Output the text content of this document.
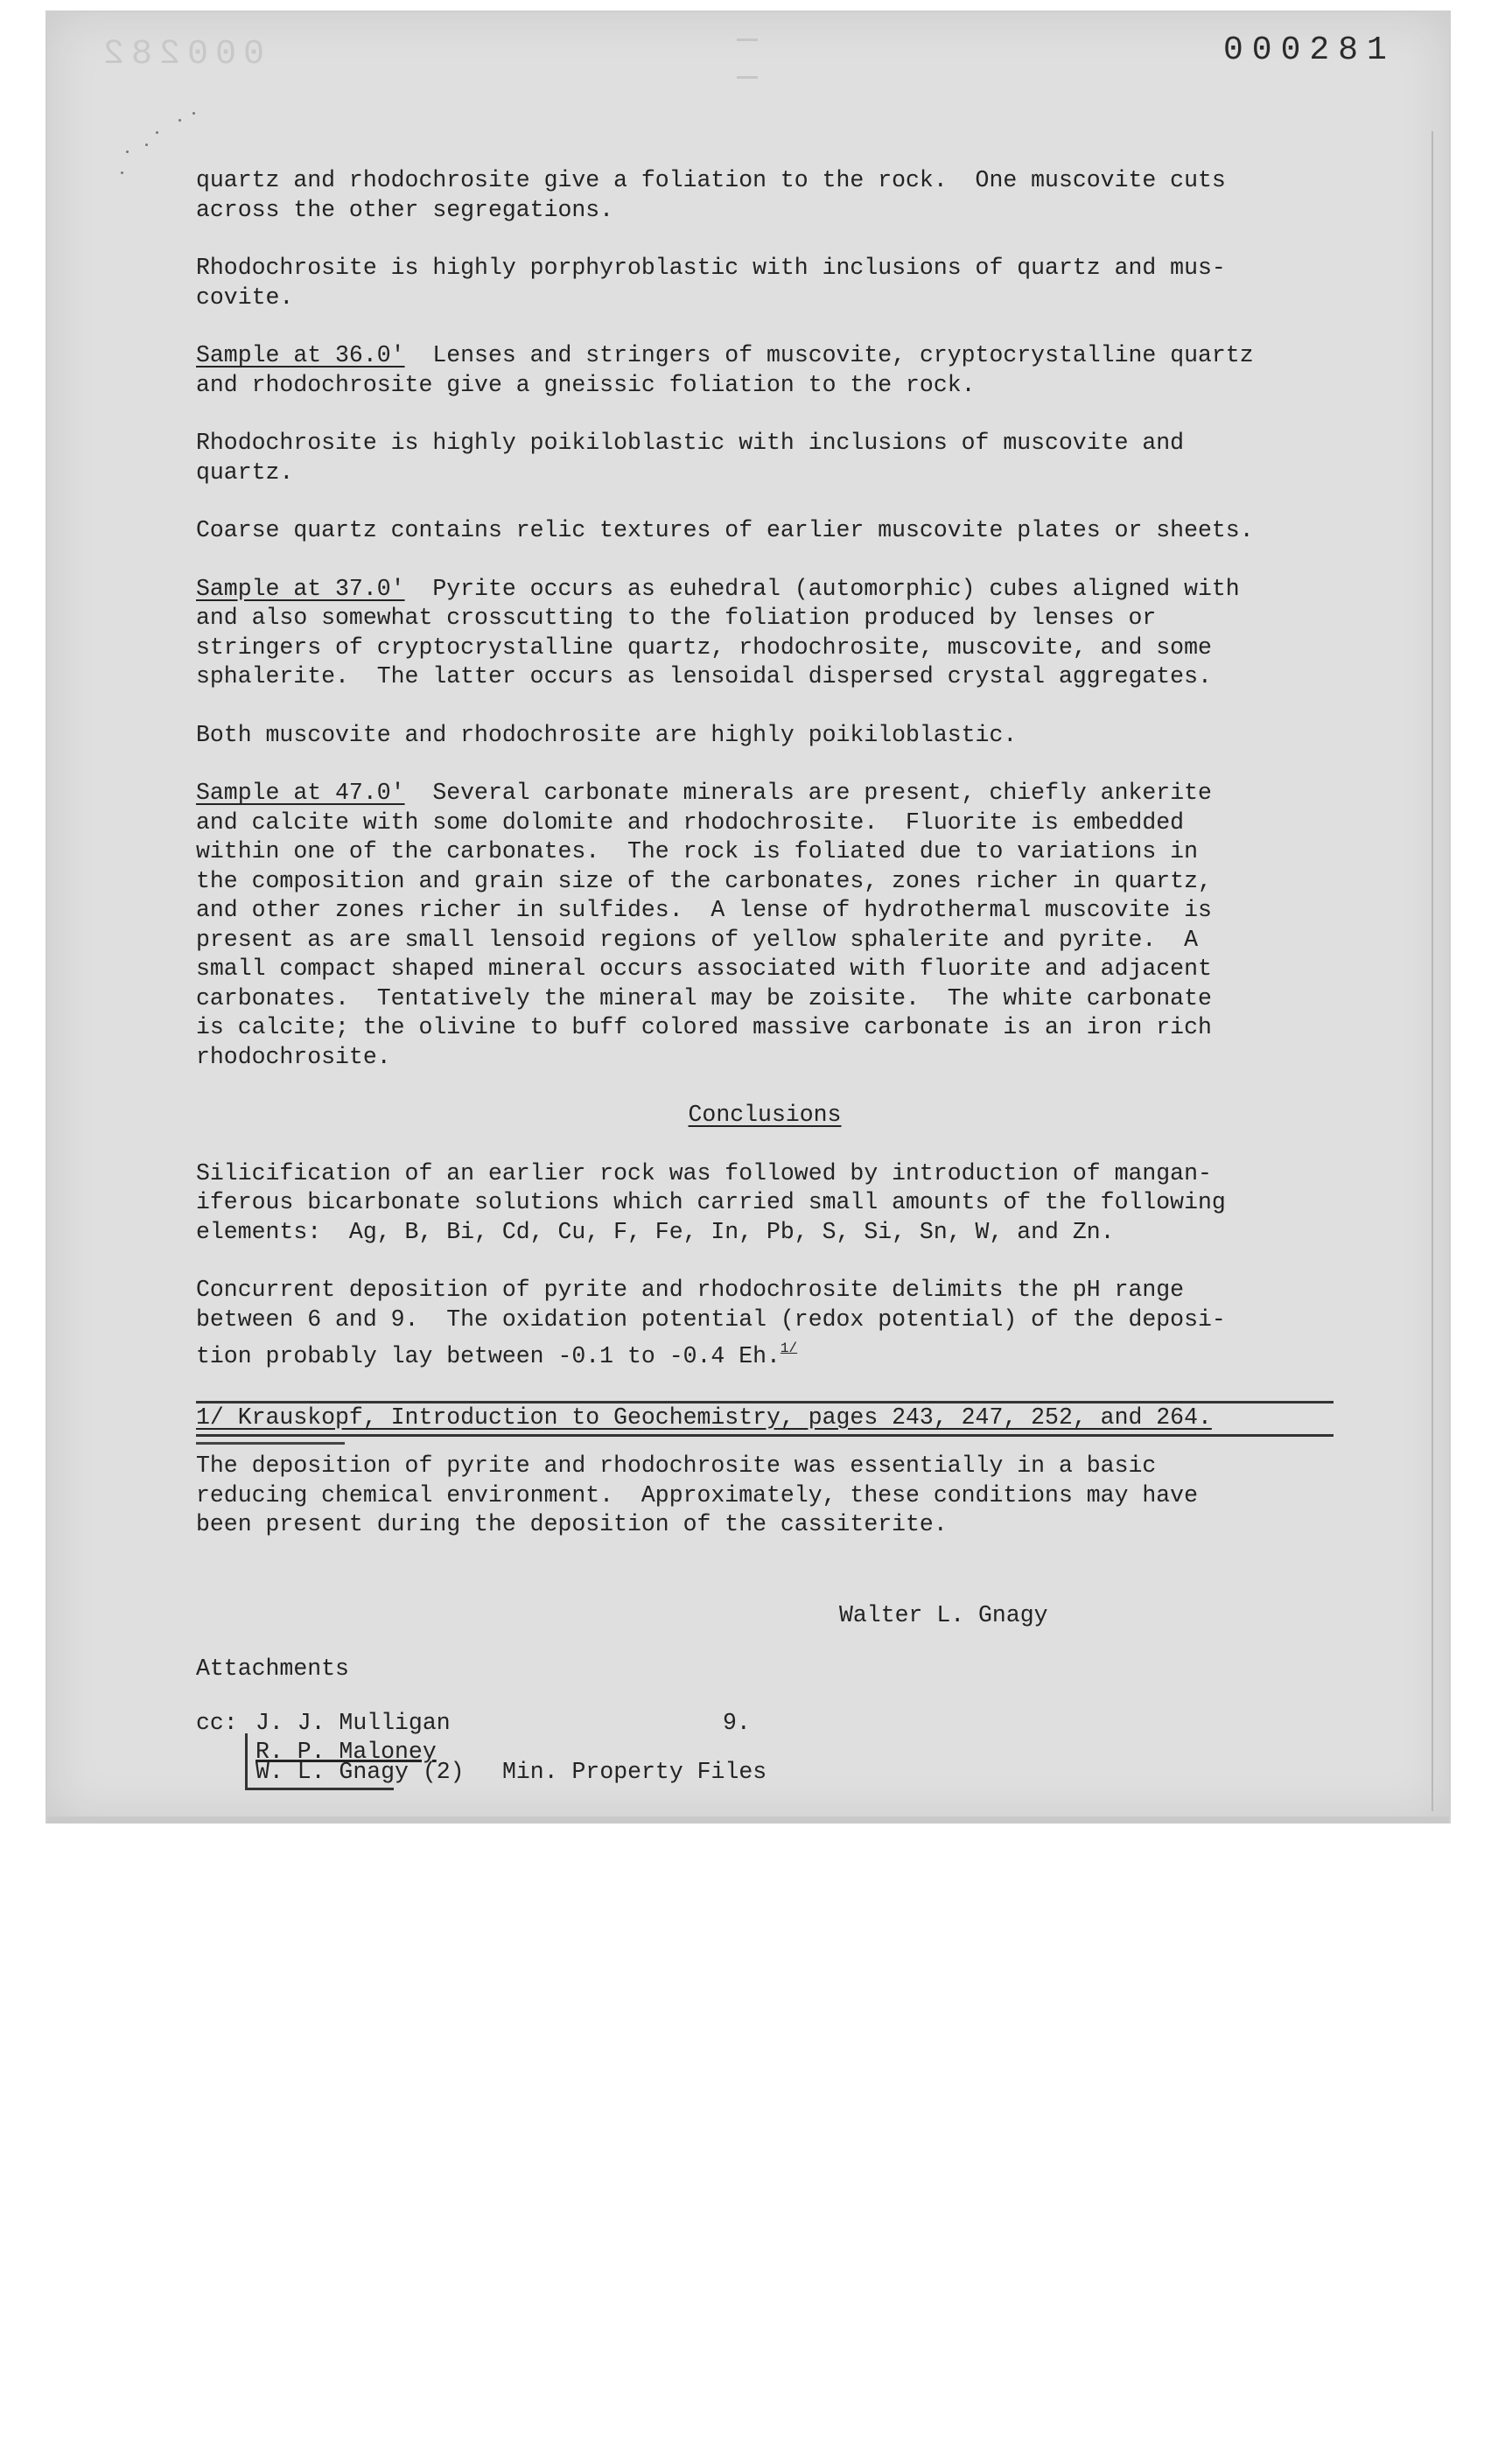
000282	000281
quartz and rhodochrosite give a foliation to the rock.  One muscovite cuts
across the other segregations.
Rhodochrosite is highly porphyroblastic with inclusions of quartz and mus-
covite.
Sample at 36.0'  Lenses and stringers of muscovite, cryptocrystalline quartz
and rhodochrosite give a gneissic foliation to the rock.
Rhodochrosite is highly poikiloblastic with inclusions of muscovite and
quartz.
Coarse quartz contains relic textures of earlier muscovite plates or sheets.
Sample at 37.0'  Pyrite occurs as euhedral (automorphic) cubes aligned with
and also somewhat crosscutting to the foliation produced by lenses or
stringers of cryptocrystalline quartz, rhodochrosite, muscovite, and some
sphalerite.  The latter occurs as lensoidal dispersed crystal aggregates.
Both muscovite and rhodochrosite are highly poikiloblastic.
Sample at 47.0'  Several carbonate minerals are present, chiefly ankerite
and calcite with some dolomite and rhodochrosite.  Fluorite is embedded
within one of the carbonates.  The rock is foliated due to variations in
the composition and grain size of the carbonates, zones richer in quartz,
and other zones richer in sulfides.  A lense of hydrothermal muscovite is
present as are small lensoid regions of yellow sphalerite and pyrite.  A
small compact shaped mineral occurs associated with fluorite and adjacent
carbonates.  Tentatively the mineral may be zoisite.  The white carbonate
is calcite; the olivine to buff colored massive carbonate is an iron rich
rhodochrosite.
Conclusions
Silicification of an earlier rock was followed by introduction of mangan-
iferous bicarbonate solutions which carried small amounts of the following
elements:  Ag, B, Bi, Cd, Cu, F, Fe, In, Pb, S, Si, Sn, W, and Zn.
Concurrent deposition of pyrite and rhodochrosite delimits the pH range
between 6 and 9.  The oxidation potential (redox potential) of the deposi-
tion probably lay between -0.1 to -0.4 Eh.$^{1/}$
1/ Krauskopf, Introduction to Geochemistry, pages 243, 247, 252, and 264.
The deposition of pyrite and rhodochrosite was essentially in a basic
reducing chemical environment.  Approximately, these conditions may have
been present during the deposition of the cassiterite.
Walter L. Gnagy
Attachments
cc: J. J. Mulligan	9.
R. P. Maloney
W. L. Gnagy (2) Min. Property Files
